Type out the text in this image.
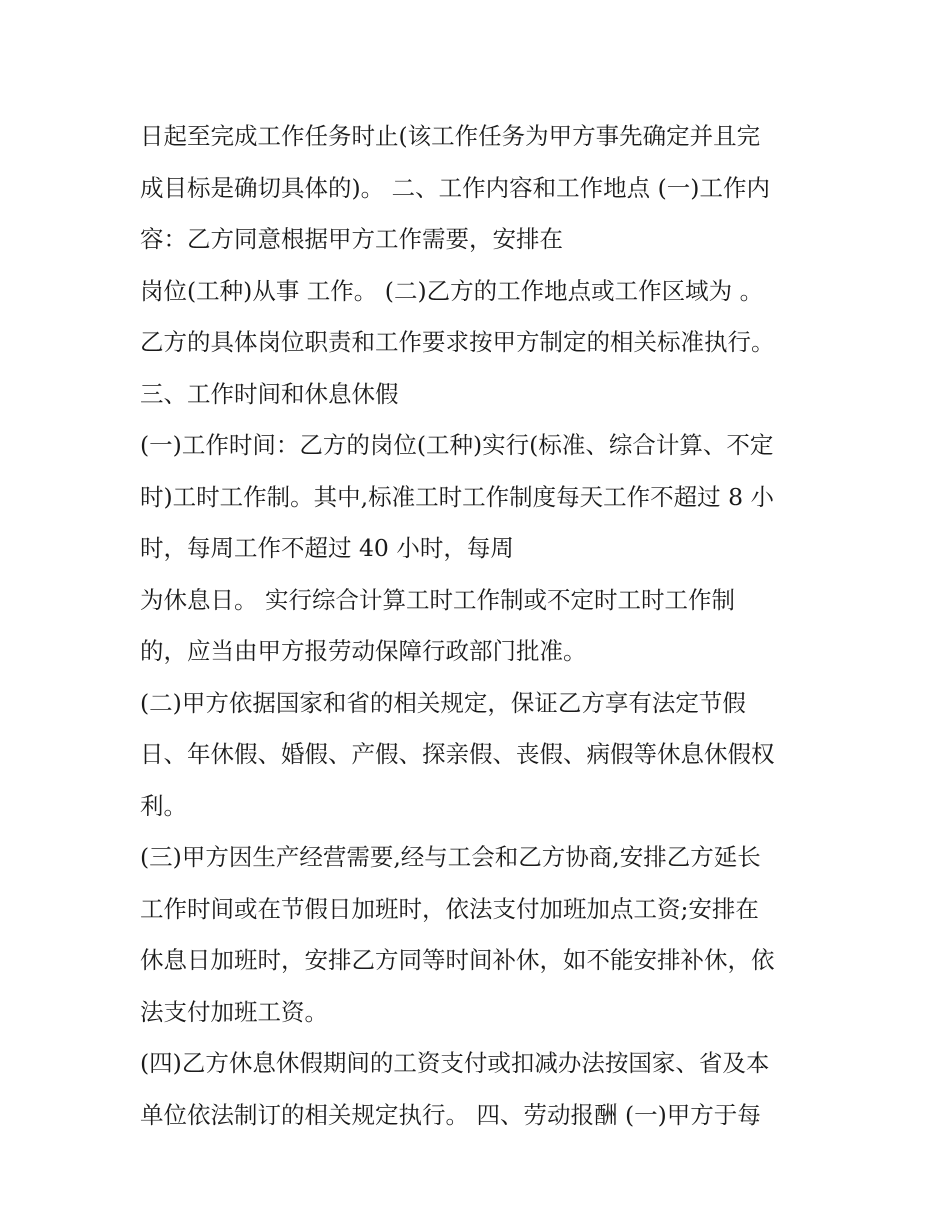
日起至完成工作任务时止(该工作任务为甲方事先确定并且完
成目标是确切具体的)。 二、工作内容和工作地点 (一)工作内
容：乙方同意根据甲方工作需要，安排在
岗位(工种)从事 工作。 (二)乙方的工作地点或工作区域为 。
乙方的具体岗位职责和工作要求按甲方制定的相关标准执行。
三、工作时间和休息休假
(一)工作时间：乙方的岗位(工种)实行(标准、综合计算、不定
时)工时工作制。其中,标准工时工作制度每天工作不超过 8 小
时，每周工作不超过 40 小时，每周
为休息日。 实行综合计算工时工作制或不定时工时工作制
的，应当由甲方报劳动保障行政部门批准。
(二)甲方依据国家和省的相关规定，保证乙方享有法定节假
日、年休假、婚假、产假、探亲假、丧假、病假等休息休假权
利。
(三)甲方因生产经营需要,经与工会和乙方协商,安排乙方延长
工作时间或在节假日加班时，依法支付加班加点工资;安排在
休息日加班时，安排乙方同等时间补休，如不能安排补休，依
法支付加班工资。
(四)乙方休息休假期间的工资支付或扣减办法按国家、省及本
单位依法制订的相关规定执行。 四、劳动报酬 (一)甲方于每
